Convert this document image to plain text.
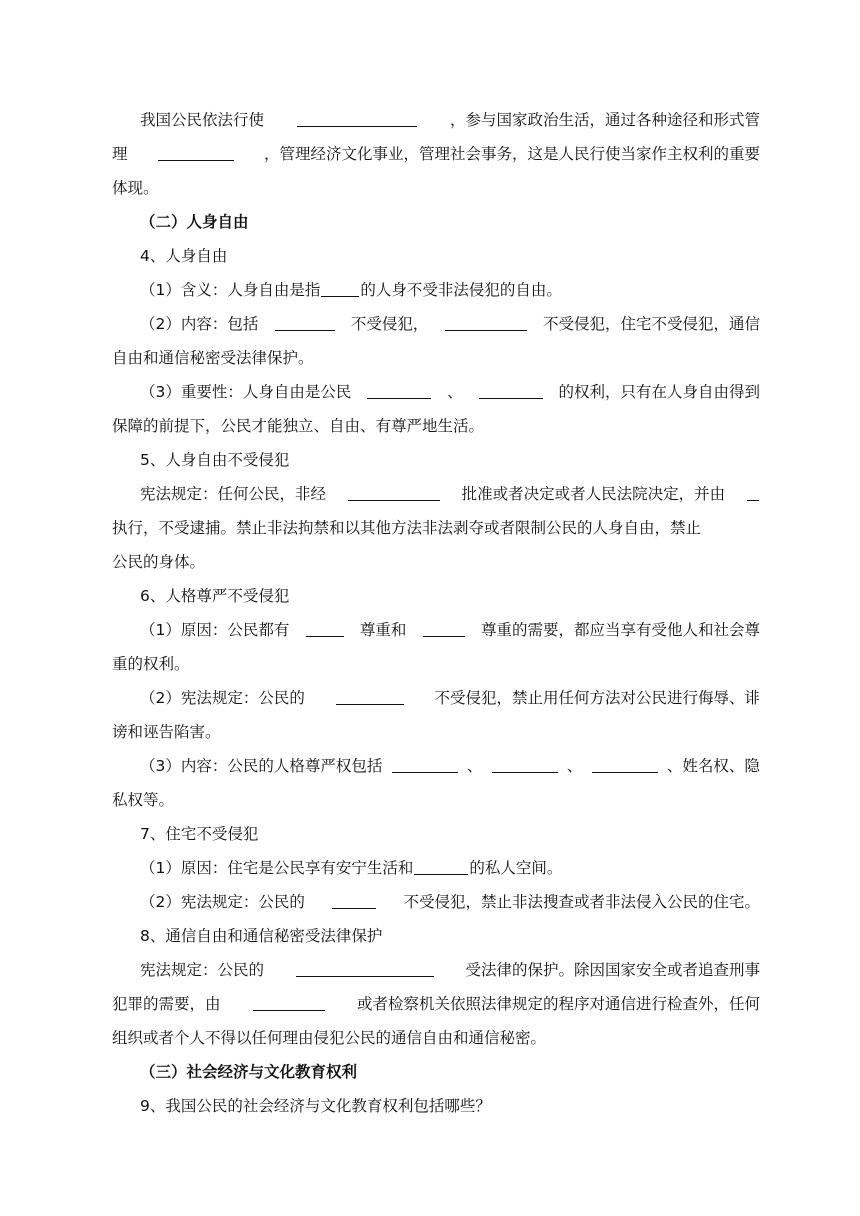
我国公民依法行使	，参与国家政治生活，通过各种途径和形式管
理	，管理经济文化事业，管理社会事务，这是人民行使当家作主权利的重要
体现。
（二）人身自由
4、人身自由
（1）含义：人身自由是指	的人身不受非法侵犯的自由。
（2）内容：包括	不受侵犯，	不受侵犯，住宅不受侵犯，通信
自由和通信秘密受法律保护。
（3）重要性：人身自由是公民	、	的权利，只有在人身自由得到
保障的前提下，公民才能独立、自由、有尊严地生活。
5、人身自由不受侵犯
宪法规定：任何公民，非经	批准或者决定或者人民法院决定，并由
执行，不受逮捕。禁止非法拘禁和以其他方法非法剥夺或者限制公民的人身自由，禁止
公民的身体。
6、人格尊严不受侵犯
（1）原因：公民都有	尊重和	尊重的需要，都应当享有受他人和社会尊
重的权利。
（2）宪法规定：公民的	不受侵犯，禁止用任何方法对公民进行侮辱、诽
谤和诬告陷害。
（3）内容：公民的人格尊严权包括	、	、	、姓名权、隐
私权等。
7、住宅不受侵犯
（1）原因：住宅是公民享有安宁生活和	的私人空间。
（2）宪法规定：公民的	不受侵犯，禁止非法搜查或者非法侵入公民的住宅。
8、通信自由和通信秘密受法律保护
宪法规定：公民的	受法律的保护。除因国家安全或者追查刑事
犯罪的需要，由	或者检察机关依照法律规定的程序对通信进行检查外，任何
组织或者个人不得以任何理由侵犯公民的通信自由和通信秘密。
（三）社会经济与文化教育权利
9、我国公民的社会经济与文化教育权利包括哪些？
